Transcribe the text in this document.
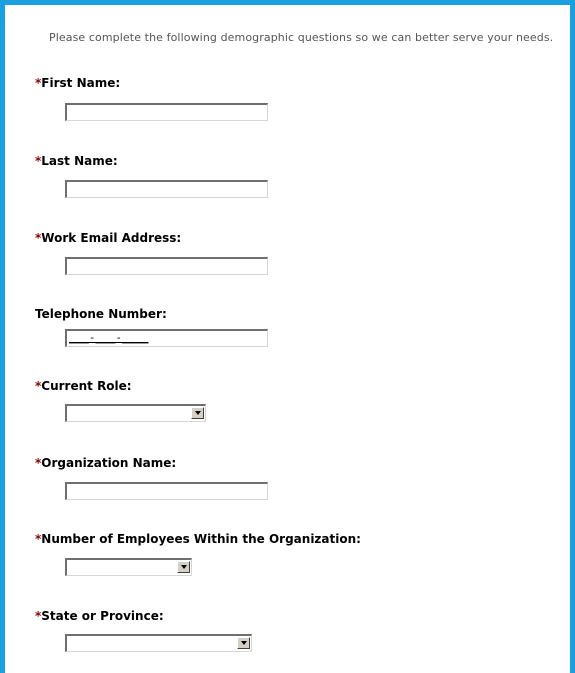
Please complete the following demographic questions so we can better serve your needs.
*First Name:
*Last Name:
*Work Email Address:
Telephone Number:
___-___-____
*Current Role:
*Organization Name:
*Number of Employees Within the Organization:
*State or Province:
